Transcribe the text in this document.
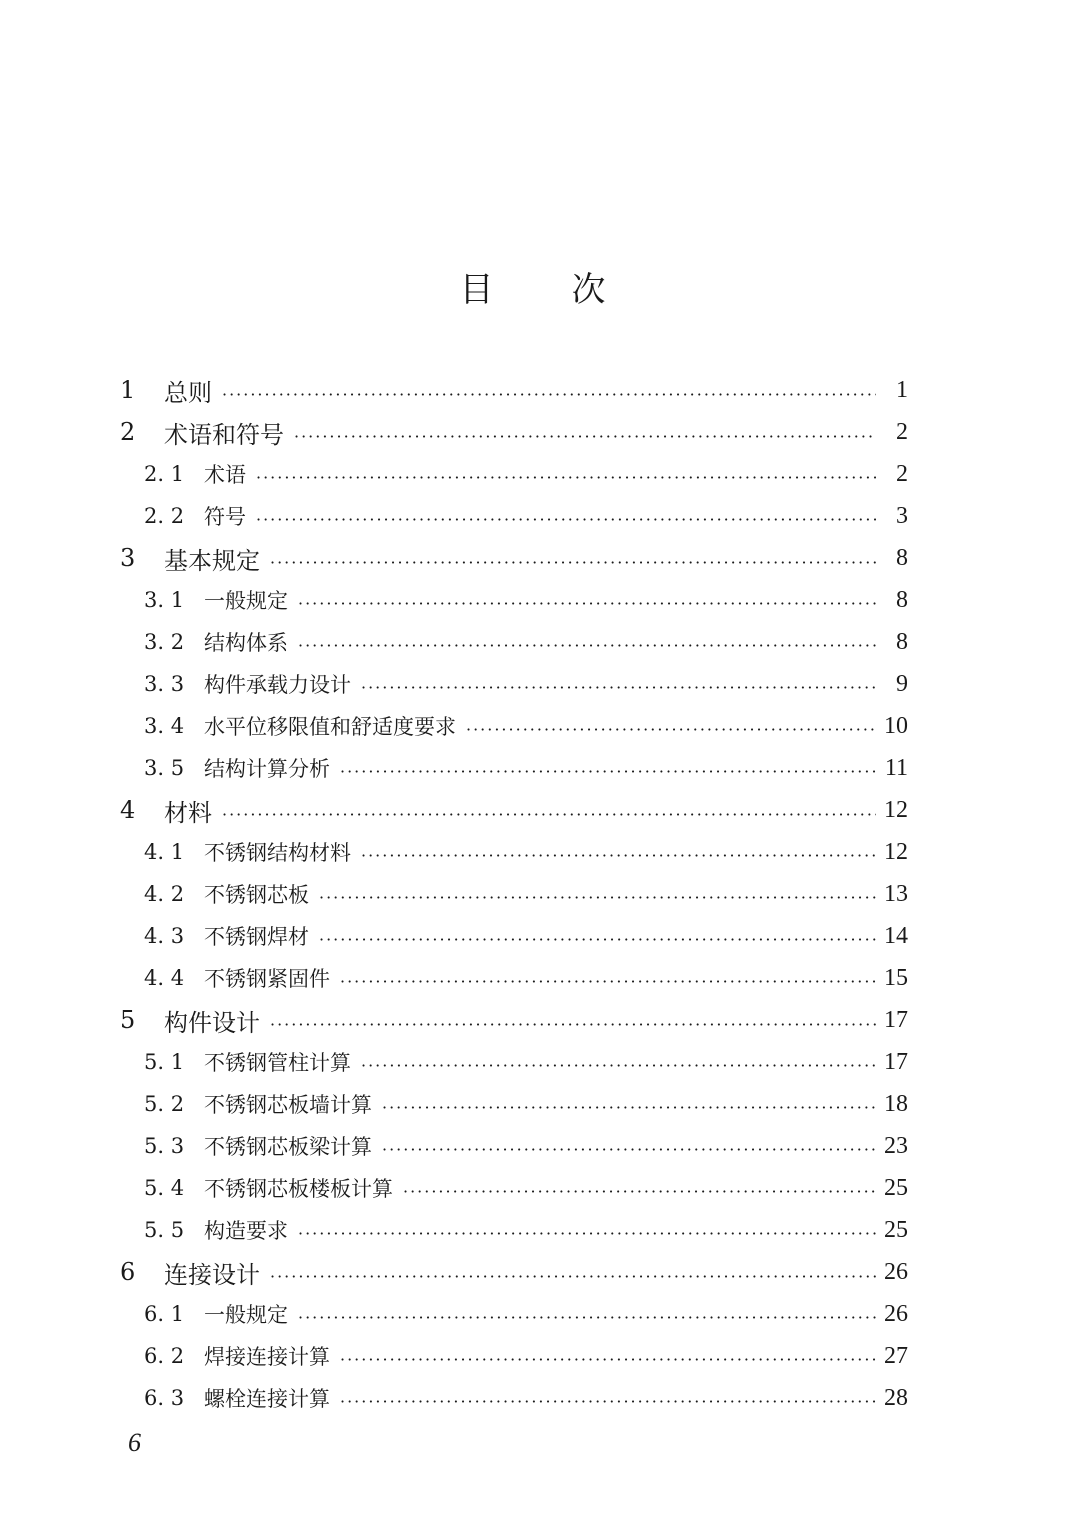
目 次
1	总则 ·····	1
2	术语和符号 ·····	2
2. 1 术语 ·····	2
2. 2 符号 ·····	3
3	基本规定 ·····	8
3. 1 一般规定 ·····	8
3. 2 结构体系 ·····	8
3. 3 构件承载力设计 ·····	9
3. 4 水平位移限值和舒适度要求 ·····	10
3. 5 结构计算分析 ·····	11
4	材料 ·····	12
4. 1 不锈钢结构材料 ·····	12
4. 2 不锈钢芯板 ·····	13
4. 3 不锈钢焊材 ·····	14
4. 4 不锈钢紧固件 ·····	15
5	构件设计 ·····	17
5. 1 不锈钢管柱计算 ·····	17
5. 2 不锈钢芯板墙计算 ·····	18
5. 3 不锈钢芯板梁计算 ·····	23
5. 4 不锈钢芯板楼板计算 ·····	25
5. 5 构造要求 ·····	25
6	连接设计 ·····	26
6. 1 一般规定 ·····	26
6. 2 焊接连接计算 ·····	27
6. 3 螺栓连接计算 ·····	28
6
